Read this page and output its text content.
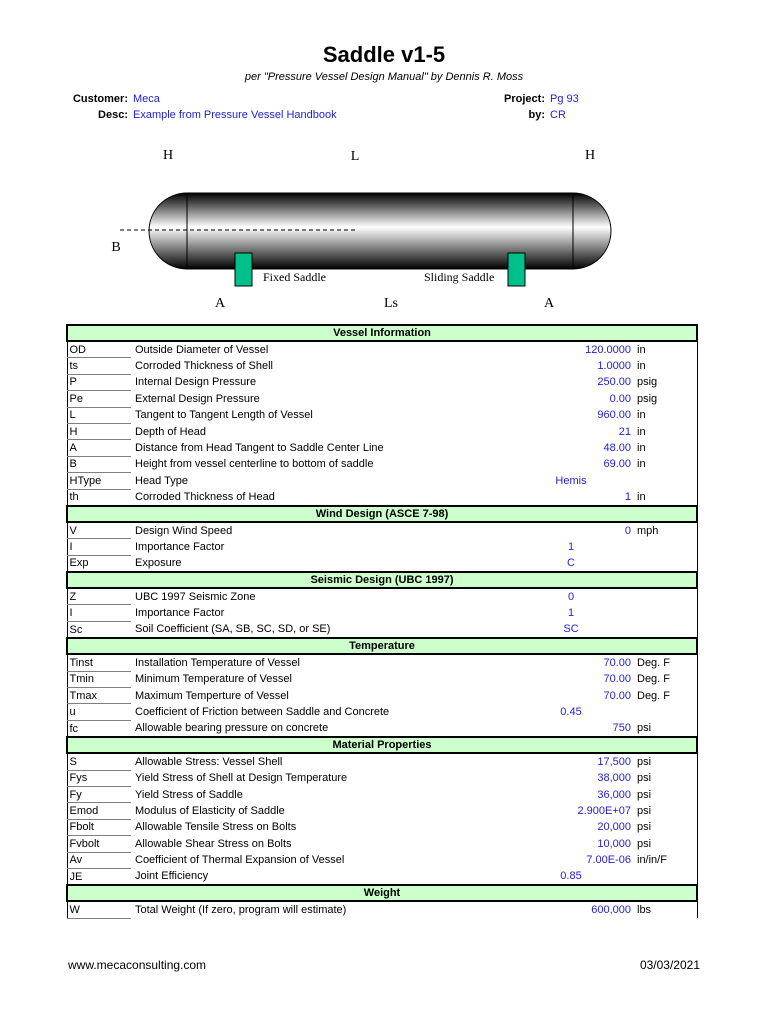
Saddle v1-5
per "Pressure Vessel Design Manual" by Dennis R. Moss
Customer: Meca
Desc: Example from Pressure Vessel Handbook
Project: Pg 93
by: CR
H	L	H
B
Fixed Saddle	Sliding Saddle
A	Ls	A
Vessel Information			
OD	Outside Diameter of Vessel	120.0000	in
ts	Corroded Thickness of Shell	1.0000	in
P	Internal Design Pressure	250.00	psig
Pe	External Design Pressure	0.00	psig
L	Tangent to Tangent Length of Vessel	960.00	in
H	Depth of Head	21	in
A	Distance from Head Tangent to Saddle Center Line	48.00	in
B	Height from vessel centerline to bottom of saddle	69.00	in
HType	Head Type	Hemis	
th	Corroded Thickness of Head	1	in
Wind Design (ASCE 7-98)			
V	Design Wind Speed	0	mph
I	Importance Factor	1	
Exp	Exposure	C	
Seismic Design (UBC 1997)			
Z	UBC 1997 Seismic Zone	0	
I	Importance Factor	1	
Sc	Soil Coefficient (SA, SB, SC, SD, or SE)	SC	
Temperature			
Tinst	Installation Temperature of Vessel	70.00	Deg. F
Tmin	Minimum Temperature of Vessel	70.00	Deg. F
Tmax	Maximum Temperture of Vessel	70.00	Deg. F
u	Coefficient of Friction between Saddle and Concrete	0.45	
fc	Allowable bearing pressure on concrete	750	psi
Material Properties			
S	Allowable Stress: Vessel Shell	17,500	psi
Fys	Yield Stress of Shell at Design Temperature	38,000	psi
Fy	Yield Stress of Saddle	36,000	psi
Emod	Modulus of Elasticity of Saddle	2.900E+07	psi
Fbolt	Allowable Tensile Stress on Bolts	20,000	psi
Fvbolt	Allowable Shear Stress on Bolts	10,000	psi
Av	Coefficient of Thermal Expansion of Vessel	7.00E-06	in/in/F
JE	Joint Efficiency	0.85	
Weight			
W	Total Weight (If zero, program will estimate)	600,000	lbs
www.mecaconsulting.com	03/03/2021
